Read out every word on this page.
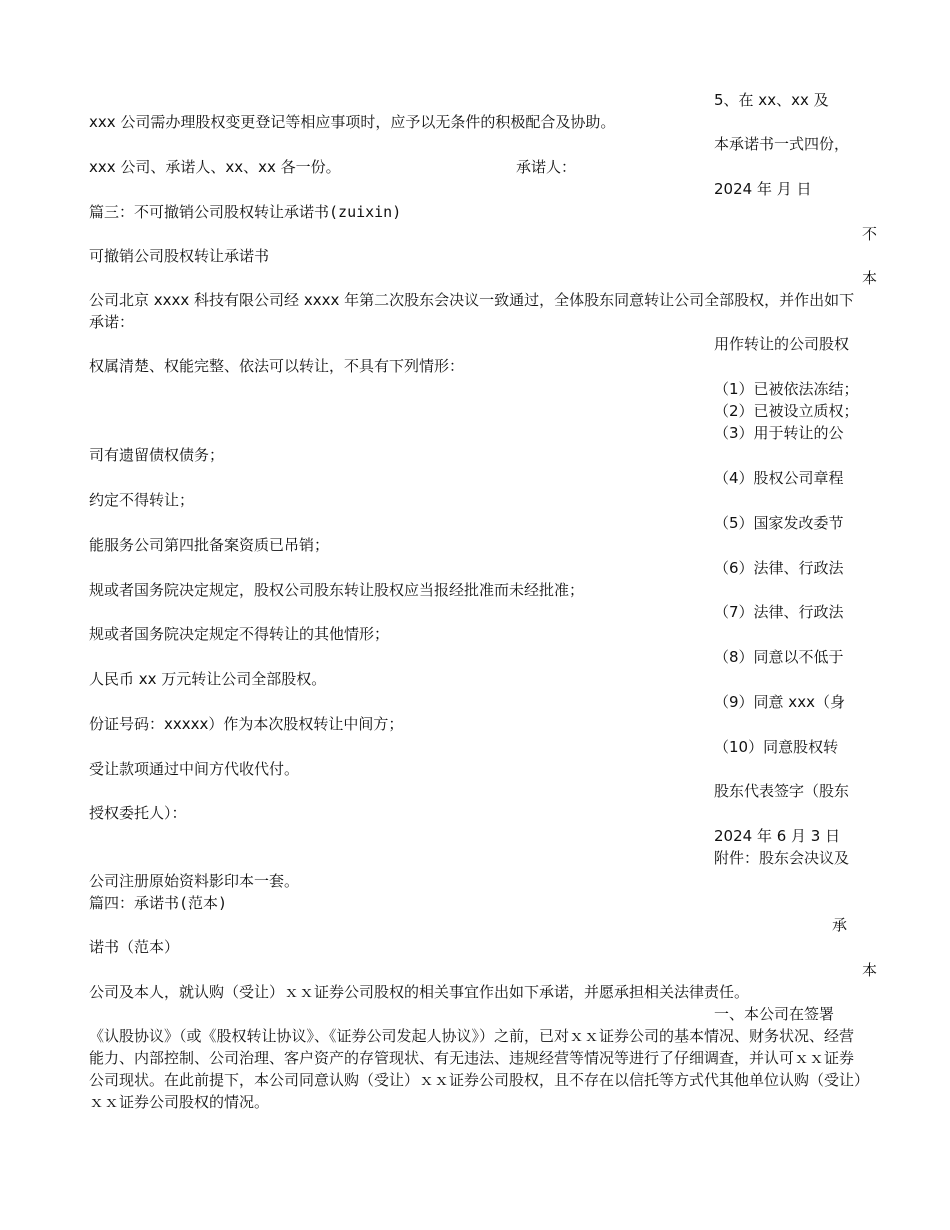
5、在 xx、xx 及
xxx 公司需办理股权变更登记等相应事项时，应予以无条件的积极配合及协助。
本承诺书一式四份，
xxx 公司、承诺人、xx、xx 各一份。	承诺人：
2024 年 月 日
篇三：不可撤销公司股权转让承诺书(zuixin)
不
可撤销公司股权转让承诺书
本
公司北京 xxxx 科技有限公司经 xxxx 年第二次股东会决议一致通过，全体股东同意转让公司全部股权，并作出如下承诺：
用作转让的公司股权
权属清楚、权能完整、依法可以转让，不具有下列情形：
（1）已被依法冻结；
（2）已被设立质权；
（3）用于转让的公
司有遗留债权债务；
（4）股权公司章程
约定不得转让；
（5）国家发改委节
能服务公司第四批备案资质已吊销；
（6）法律、行政法
规或者国务院决定规定，股权公司股东转让股权应当报经批准而未经批准；
（7）法律、行政法
规或者国务院决定规定不得转让的其他情形；
（8）同意以不低于
人民币 xx 万元转让公司全部股权。
（9）同意 xxx（身
份证号码：xxxxx）作为本次股权转让中间方；
（10）同意股权转
受让款项通过中间方代收代付。
股东代表签字（股东
授权委托人）：
2024 年 6 月 3 日
附件：股东会决议及
公司注册原始资料影印本一套。
篇四：承诺书(范本)
承
诺书（范本）
本
公司及本人，就认购（受让）ｘｘ证券公司股权的相关事宜作出如下承诺，并愿承担相关法律责任。
一、本公司在签署
《认股协议》（或《股权转让协议》、《证券公司发起人协议》）之前，已对ｘｘ证券公司的基本情况、财务状况、经营能力、内部控制、公司治理、客户资产的存管现状、有无违法、违规经营等情况等进行了仔细调查，并认可ｘｘ证券公司现状。在此前提下，本公司同意认购（受让）ｘｘ证券公司股权，且不存在以信托等方式代其他单位认购（受让）ｘｘ证券公司股权的情况。
